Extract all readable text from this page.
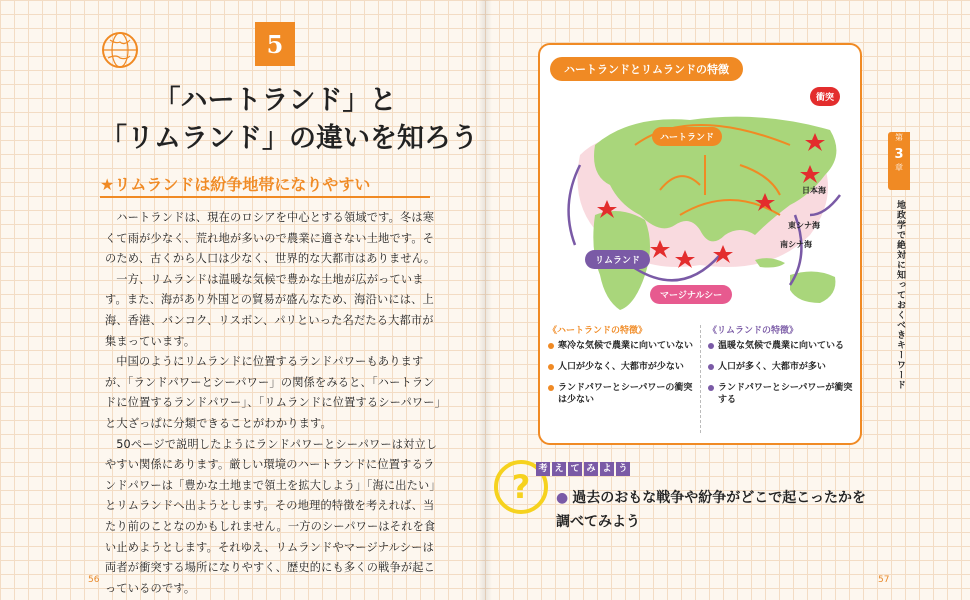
5
「ハートランド」と
「リムランド」の違いを知ろう
★リムランドは紛争地帯になりやすい

ハートランドは、現在のロシアを中心とする領域です。冬は寒くて雨が少なく、荒れ地が多いので農業に適さない土地です。そのため、古くから人口は少なく、世界的な大都市はありません。

一方、リムランドは温暖な気候で豊かな土地が広がっています。また、海があり外国との貿易が盛んなため、海沿いには、上海、香港、バンコク、リスボン、パリといった名だたる大都市が集まっています。

中国のようにリムランドに位置するランドパワーもありますが、「ランドパワーとシーパワー」の関係をみると、「ハートランドに位置するランドパワー」、「リムランドに位置するシーパワー」と大ざっぱに分類できることがわかります。

50ページで説明したようにランドパワーとシーパワーは対立しやすい関係にあります。厳しい環境のハートランドに位置するランドパワーは「豊かな土地まで領土を拡大しよう」「海に出たい」とリムランドへ出ようとします。その地理的特徴を考えれば、当たり前のことなのかもしれません。一方のシーパワーはそれを食い止めようとします。それゆえ、リムランドやマージナルシーは両者が衝突する場所になりやすく、歴史的にも多くの戦争が起こっているのです。

56
第
3
章
地政学で絶対に知っておくべきキーワード
ハートランドとリムランドの特徴
ハートランド
衝突
リムランド
マージナルシー
日本海
東シナ海
南シナ海
《ハートランドの特徴》
寒冷な気候で農業に向いていない
人口が少なく、大都市が少ない
ランドパワーとシーパワーの衝突は少ない
《リムランドの特徴》
温暖な気候で農業に向いている
人口が多く、大都市が多い
ランドパワーとシーパワーが衝突する
? 考 え て み よ う
● 過去のおもな戦争や紛争がどこで起こったかを調べてみよう
57
